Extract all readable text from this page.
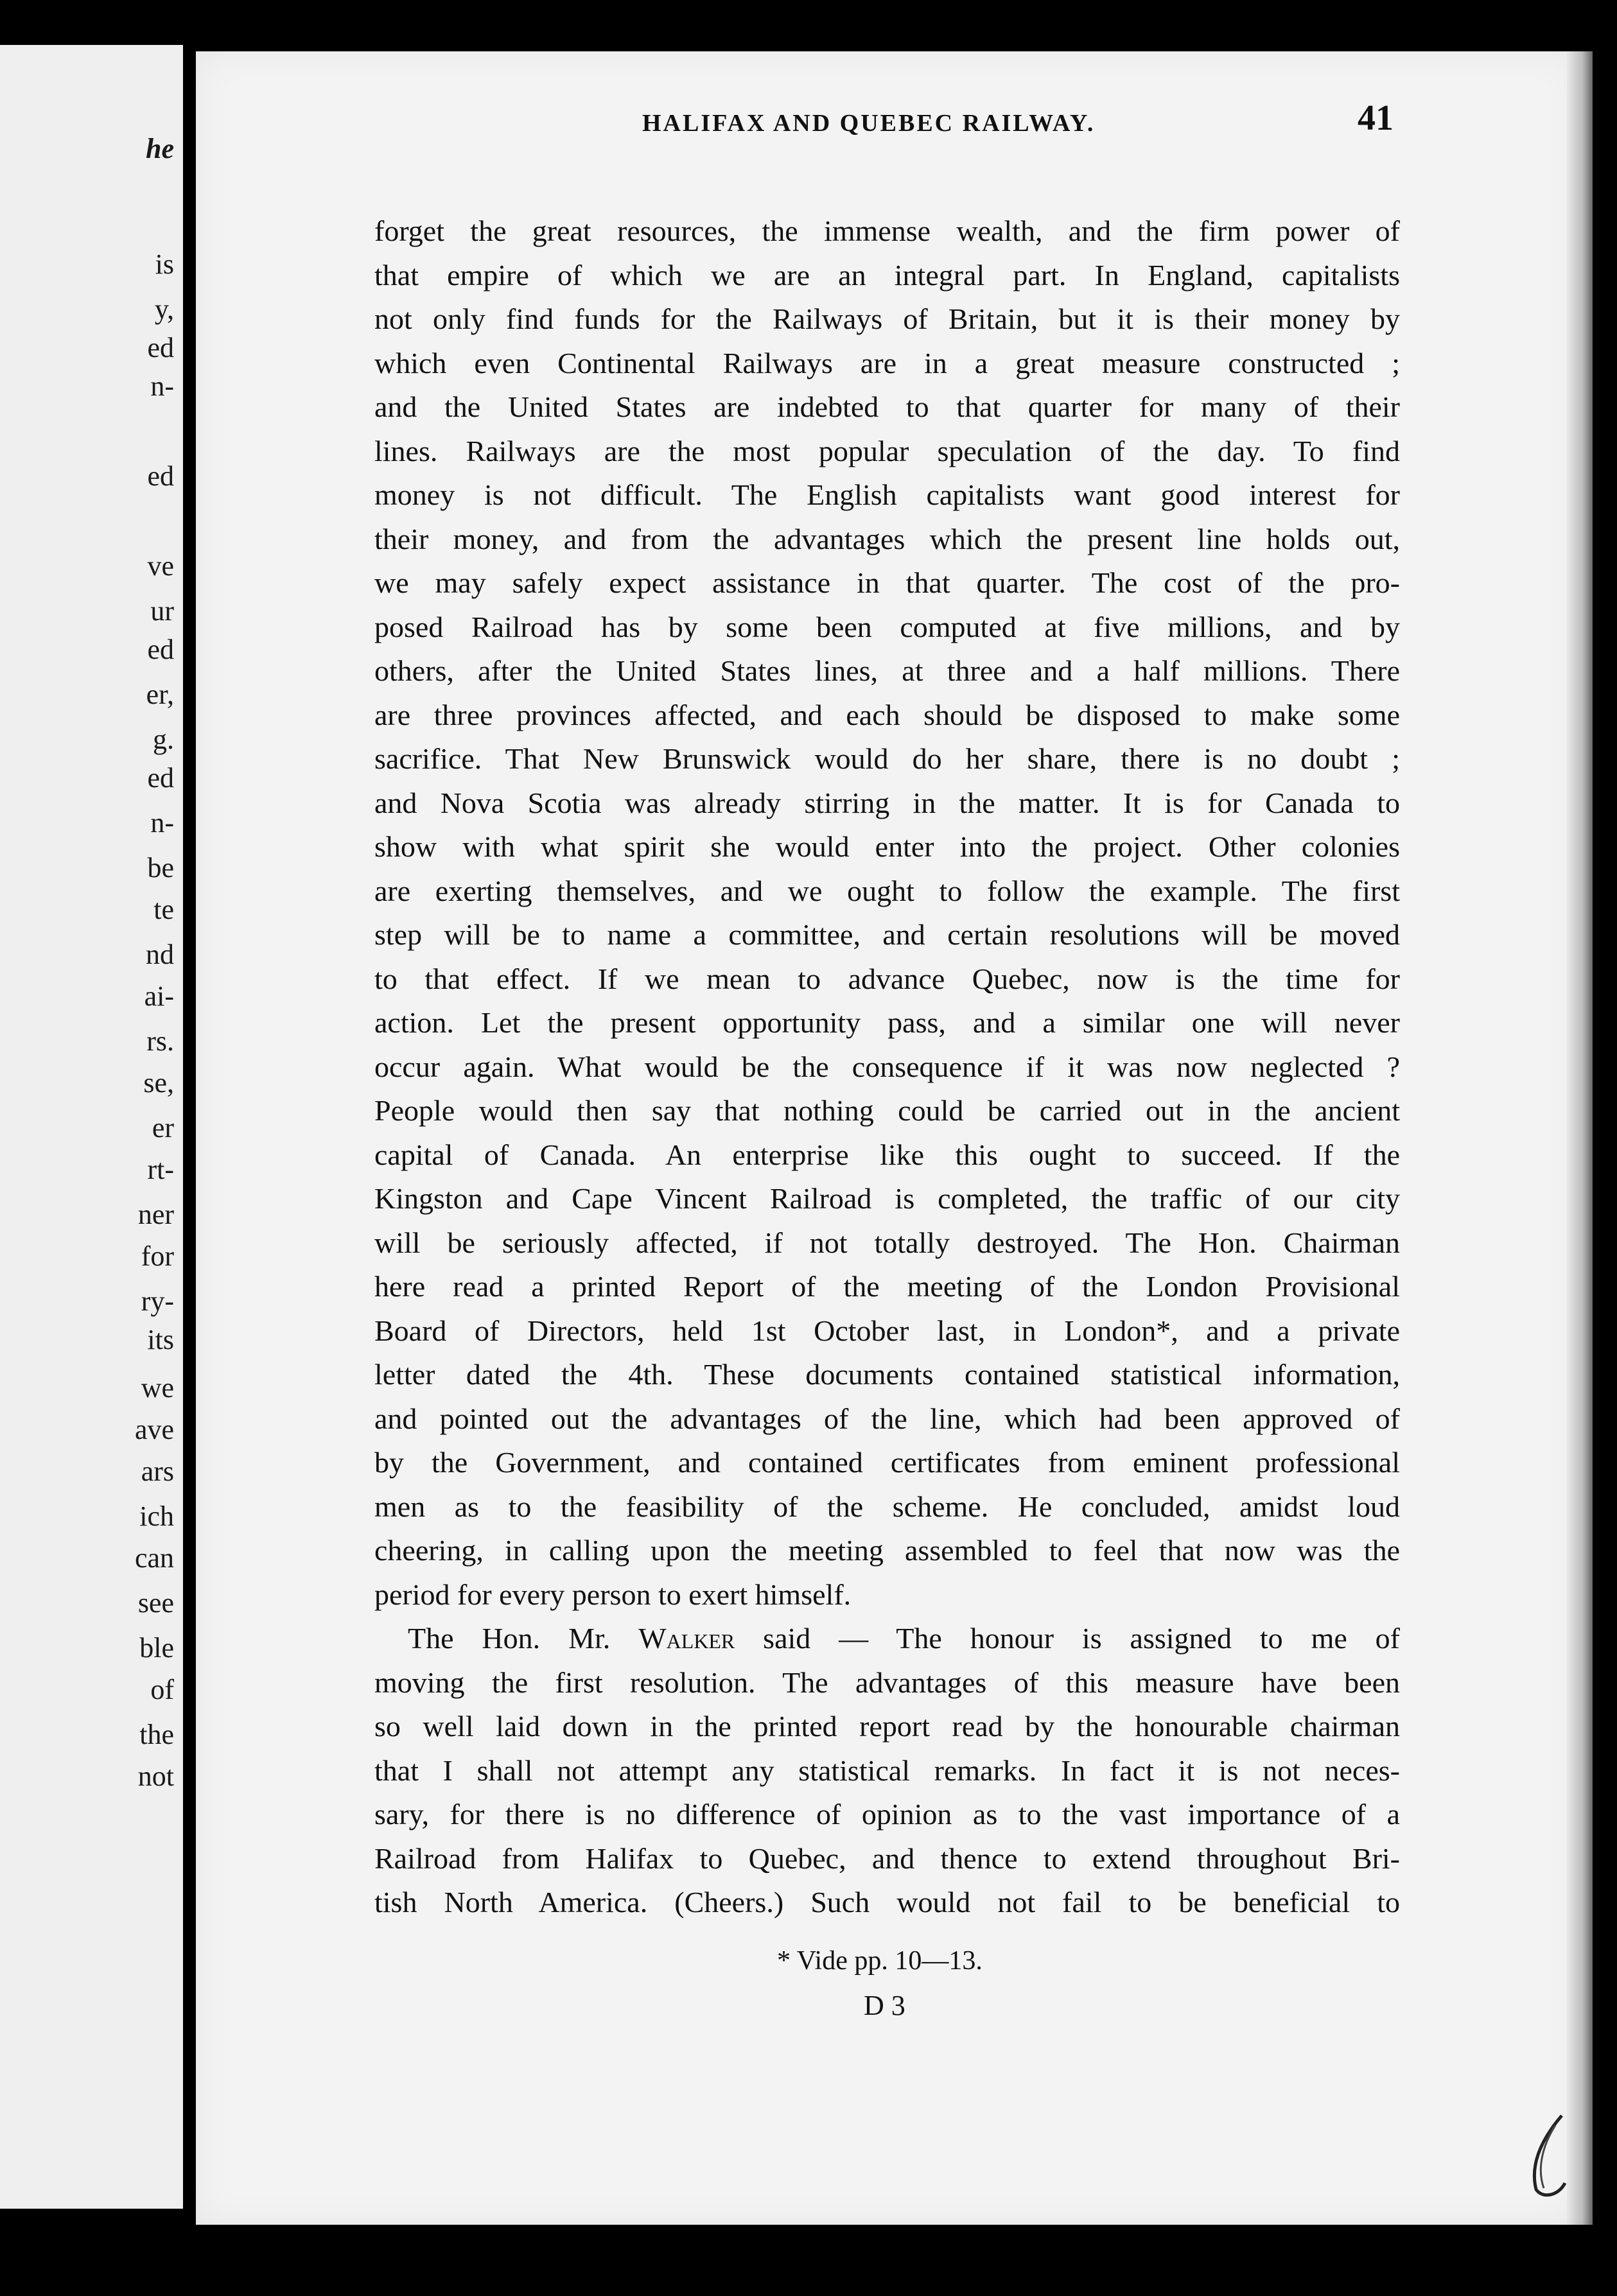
he
is
y,
ed
n-
ed
ve
ur
ed
er,
g.
ed
n-
be
te
nd
ai-
rs.
se,
er
rt-
ner
for
ry-
its
we
ave
ars
ich
can
see
ble
of
the
not
HALIFAX AND QUEBEC RAILWAY.	41
forget the great resources, the immense wealth, and the firm power of
that empire of which we are an integral part. In England, capitalists
not only find funds for the Railways of Britain, but it is their money by
which even Continental Railways are in a great measure constructed ;
and the United States are indebted to that quarter for many of their
lines. Railways are the most popular speculation of the day. To find
money is not difficult. The English capitalists want good interest for
their money, and from the advantages which the present line holds out,
we may safely expect assistance in that quarter. The cost of the pro-
posed Railroad has by some been computed at five millions, and by
others, after the United States lines, at three and a half millions. There
are three provinces affected, and each should be disposed to make some
sacrifice. That New Brunswick would do her share, there is no doubt ;
and Nova Scotia was already stirring in the matter. It is for Canada to
show with what spirit she would enter into the project. Other colonies
are exerting themselves, and we ought to follow the example. The first
step will be to name a committee, and certain resolutions will be moved
to that effect. If we mean to advance Quebec, now is the time for
action. Let the present opportunity pass, and a similar one will never
occur again. What would be the consequence if it was now neglected ?
People would then say that nothing could be carried out in the ancient
capital of Canada. An enterprise like this ought to succeed. If the
Kingston and Cape Vincent Railroad is completed, the traffic of our city
will be seriously affected, if not totally destroyed. The Hon. Chairman
here read a printed Report of the meeting of the London Provisional
Board of Directors, held 1st October last, in London*, and a private
letter dated the 4th. These documents contained statistical information,
and pointed out the advantages of the line, which had been approved of
by the Government, and contained certificates from eminent professional
men as to the feasibility of the scheme. He concluded, amidst loud
cheering, in calling upon the meeting assembled to feel that now was the
period for every person to exert himself.
The Hon. Mr. Walker said — The honour is assigned to me of
moving the first resolution. The advantages of this measure have been
so well laid down in the printed report read by the honourable chairman
that I shall not attempt any statistical remarks. In fact it is not neces-
sary, for there is no difference of opinion as to the vast importance of a
Railroad from Halifax to Quebec, and thence to extend throughout Bri-
tish North America. (Cheers.) Such would not fail to be beneficial to
* Vide pp. 10—13.
D 3
